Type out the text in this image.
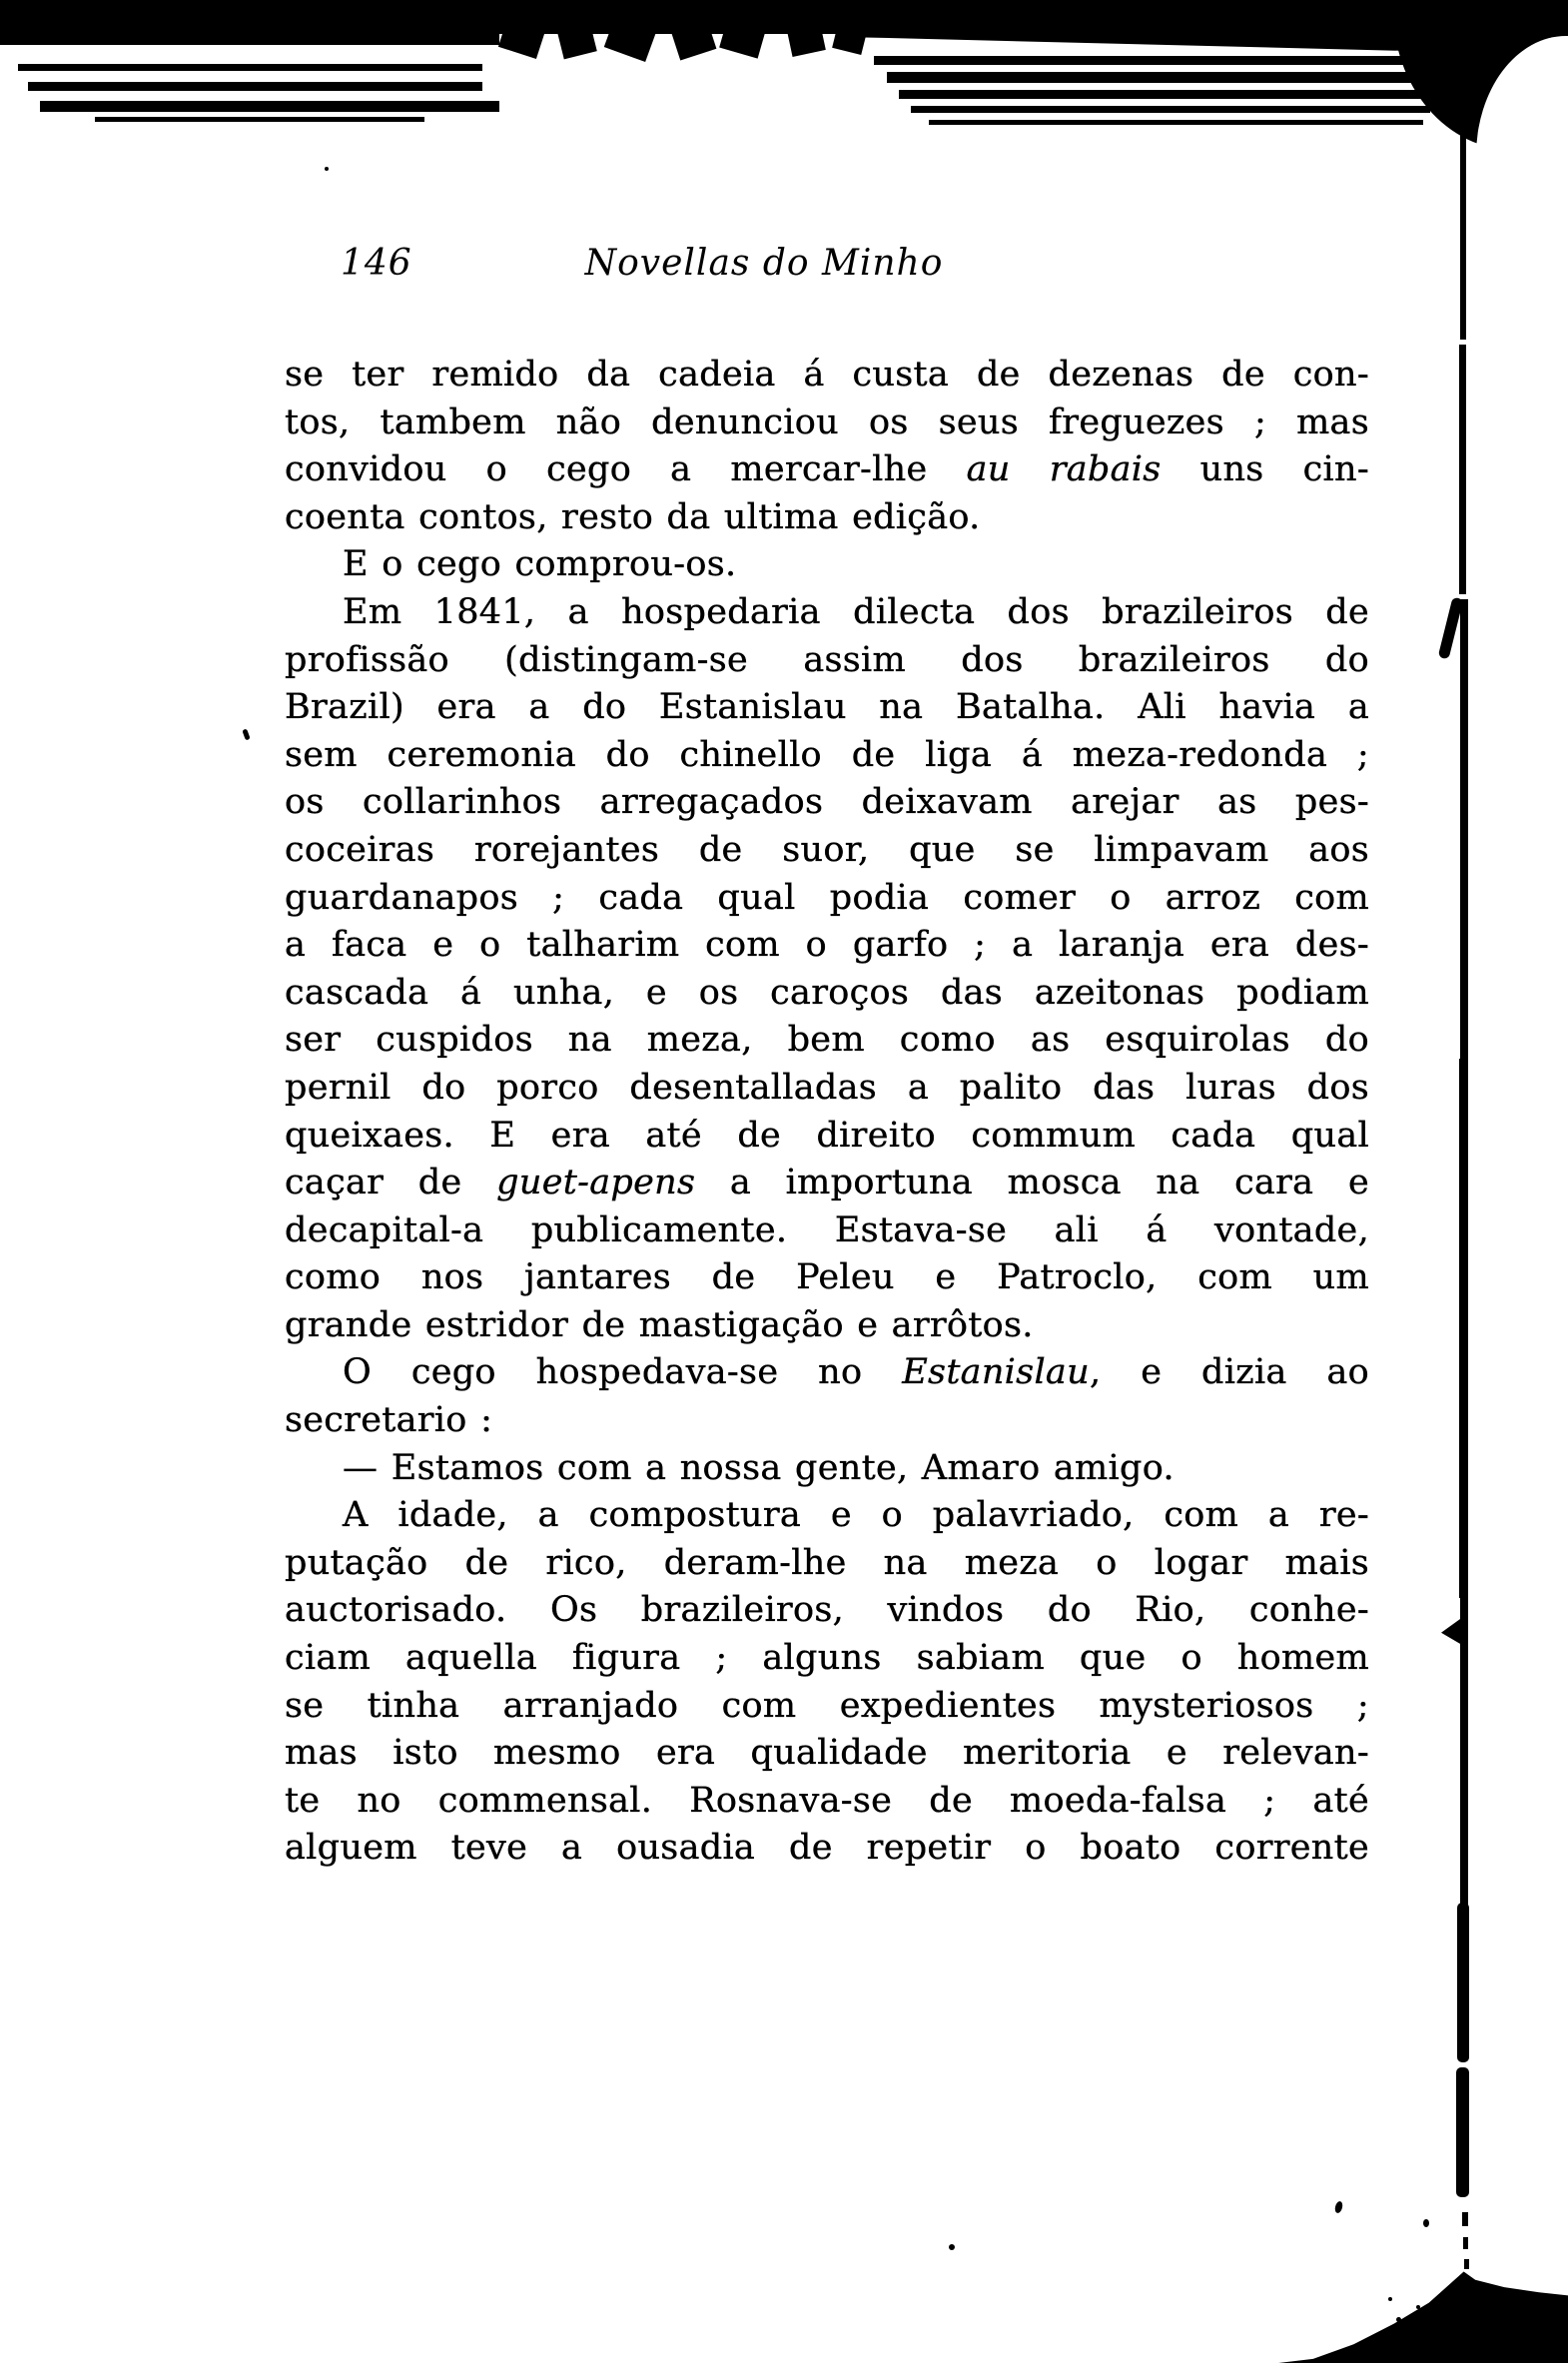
146	Novellas do Minho
se ter remido da cadeia á custa de dezenas de con-
tos, tambem não denunciou os seus freguezes ; mas
convidou o cego a mercar-lhe au rabais uns cin-
coenta contos, resto da ultima edição.
E o cego comprou-os.
Em 1841, a hospedaria dilecta dos brazileiros de
profissão (distingam-se assim dos brazileiros do
Brazil) era a do Estanislau na Batalha. Ali havia a
sem ceremonia do chinello de liga á meza-redonda ;
os collarinhos arregaçados deixavam arejar as pes-
coceiras rorejantes de suor, que se limpavam aos
guardanapos ; cada qual podia comer o arroz com
a faca e o talharim com o garfo ; a laranja era des-
cascada á unha, e os caroços das azeitonas podiam
ser cuspidos na meza, bem como as esquirolas do
pernil do porco desentalladas a palito das luras dos
queixaes. E era até de direito commum cada qual
caçar de guet-apens a importuna mosca na cara e
decapital-a publicamente. Estava-se ali á vontade,
como nos jantares de Peleu e Patroclo, com um
grande estridor de mastigação e arrôtos.
O cego hospedava-se no Estanislau, e dizia ao
secretario :
— Estamos com a nossa gente, Amaro amigo.
A idade, a compostura e o palavriado, com a re-
putação de rico, deram-lhe na meza o logar mais
auctorisado. Os brazileiros, vindos do Rio, conhe-
ciam aquella figura ; alguns sabiam que o homem
se tinha arranjado com expedientes mysteriosos ;
mas isto mesmo era qualidade meritoria e relevan-
te no commensal. Rosnava-se de moeda-falsa ; até
alguem teve a ousadia de repetir o boato corrente
